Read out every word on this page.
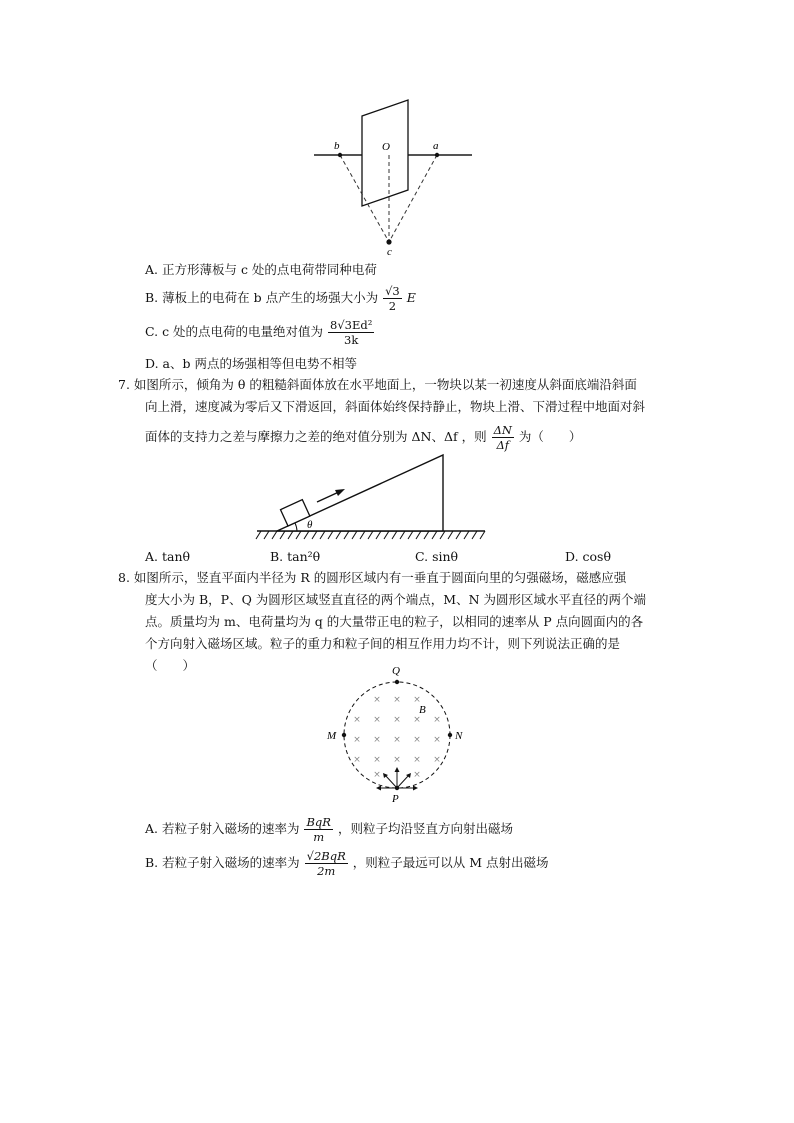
b	O	a
c
A. 正方形薄板与 c 处的点电荷带同种电荷
B. 薄板上的电荷在 b 点产生的场强大小为 $\frac{√3}{2}$ E
C. c 处的点电荷的电量绝对值为 $\frac{\text{8√3Ed²}}{3k}$
D. a、b 两点的场强相等但电势不相等
7. 如图所示，倾角为 θ 的粗糙斜面体放在水平地面上，一物块以某一初速度从斜面底端沿斜面
向上滑，速度减为零后又下滑返回，斜面体始终保持静止，物块上滑、下滑过程中地面对斜
面体的支持力之差与摩擦力之差的绝对值分别为 ΔN、Δf ，则 $\frac{\Delta N}{\Delta f}$ 为（　　）
θ
A. tanθ	B. tan²θ	C. sinθ	D. cosθ
8. 如图所示，竖直平面内半径为 R 的圆形区域内有一垂直于圆面向里的匀强磁场，磁感应强
度大小为 B，P、Q 为圆形区域竖直直径的两个端点，M、N 为圆形区域水平直径的两个端
点。质量均为 m、电荷量均为 q 的大量带正电的粒子，以相同的速率从 P 点向圆面内的各
个方向射入磁场区域。粒子的重力和粒子间的相互作用力均不计，则下列说法正确的是
（　　）
× × ×
× × × × ×
× × × × ×
× × × × ×
×	×
Q
B
M	N
P
A. 若粒子射入磁场的速率为 $\frac{\text{BqR}}{m}$ ，则粒子均沿竖直方向射出磁场
B. 若粒子射入磁场的速率为 $\frac{\text{√2BqR}}{2m}$ ，则粒子最远可以从 M 点射出磁场
